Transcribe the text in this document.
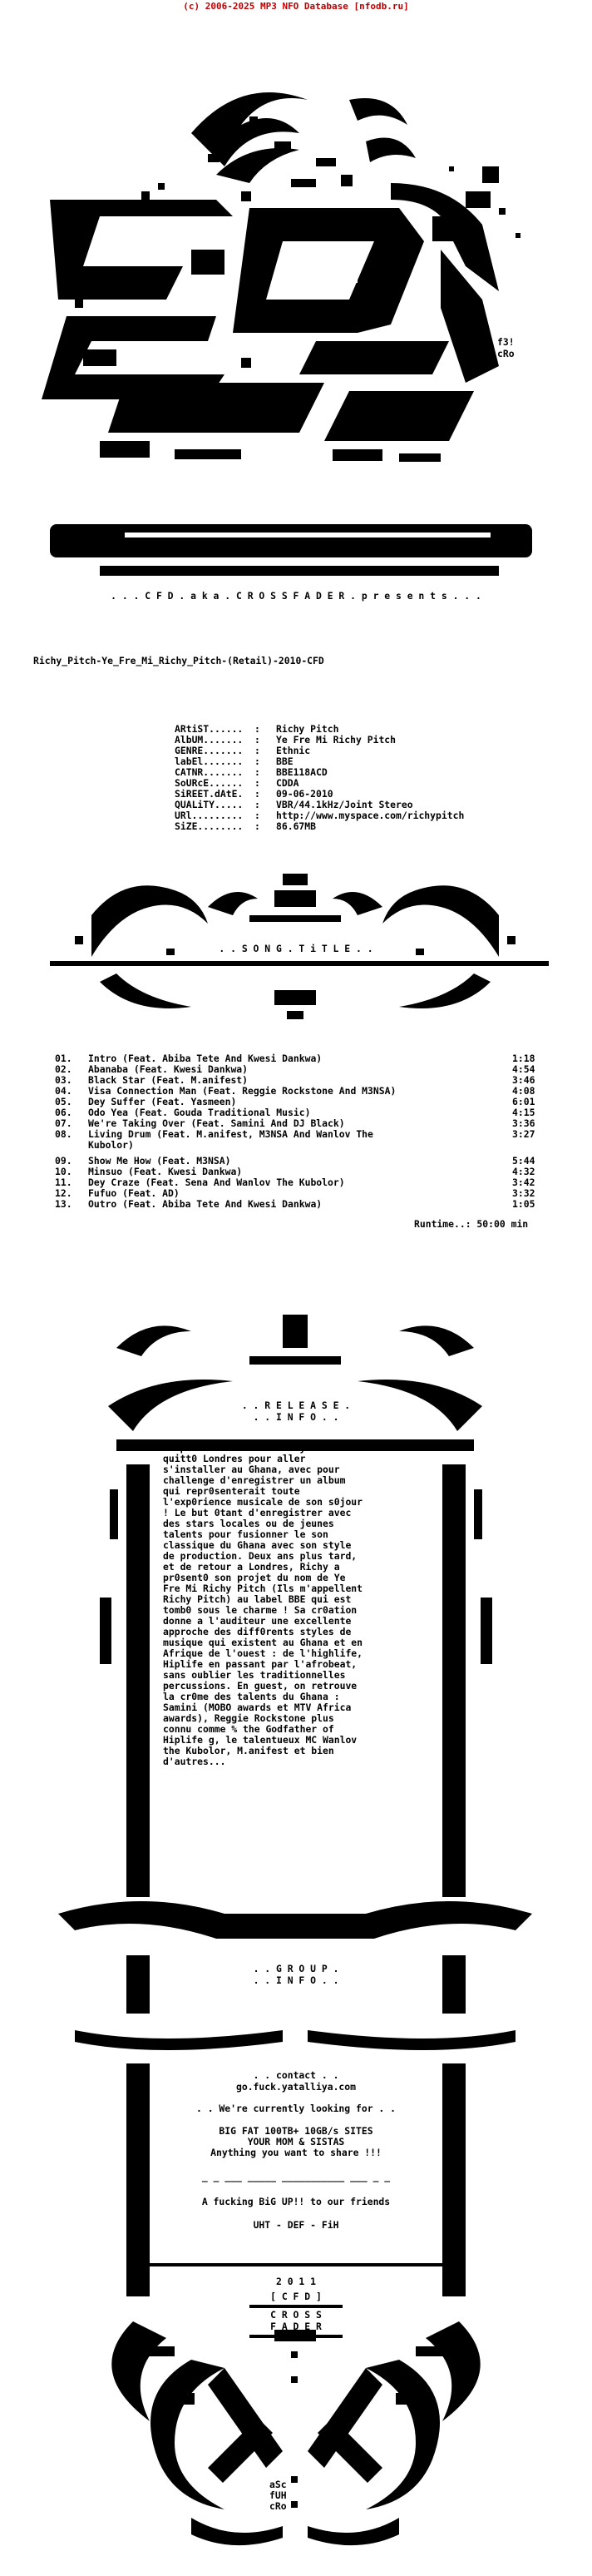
(c) 2006-2025 MP3 NFO Database [nfodb.ru]
f3!
cRo
. . . C F D . a k a . C R O S S F A D E R . p r e s e n t s . . .
Richy_Pitch-Ye_Fre_Mi_Richy_Pitch-(Retail)-2010-CFD
ARtiST...... : Richy Pitch
AlbUM....... : Ye Fre Mi Richy Pitch
GENRE....... : Ethnic
labEl....... : BBE
CATNR....... : BBE118ACD
SoURcE...... : CDDA
SiREET.dAtE. : 09-06-2010
QUALiTY..... : VBR/44.1kHz/Joint Stereo
URl......... : http://www.myspace.com/richypitch
SiZE........ : 86.67MB
. . S O N G . T i T L E . .
01. Intro (Feat. Abiba Tete And Kwesi Dankwa)	1:18
02. Abanaba (Feat. Kwesi Dankwa)	4:54
03. Black Star (Feat. M.anifest)	3:46
04. Visa Connection Man (Feat. Reggie Rockstone And M3NSA)	4:08
05. Dey Suffer (Feat. Yasmeen)	6:01
06. Odo Yea (Feat. Gouda Traditional Music)	4:15
07. We're Taking Over (Feat. Samini And DJ Black)	3:36
08. Living Drum (Feat. M.anifest, M3NSA And Wanlov The	3:27
Kubolor)
09. Show Me How (Feat. M3NSA)	5:44
10. Minsuo (Feat. Kwesi Dankwa)	4:32
11. Dey Craze (Feat. Sena And Wanlov The Kubolor)	3:42
12. Fufuo (Feat. AD)	3:32
13. Outro (Feat. Abiba Tete And Kwesi Dankwa)	1:05
Runtime..: 50:00 min
. . R E L E A S E .
. . I N F O . .
Le producteur et DJ Richy Pitch a
quitt0 Londres pour aller
s'installer au Ghana, avec pour
challenge d'enregistrer un album
qui repr0senterait toute
l'exp0rience musicale de son s0jour
! Le but 0tant d'enregistrer avec
des stars locales ou de jeunes
talents pour fusionner le son
classique du Ghana avec son style
de production. Deux ans plus tard,
et de retour a Londres, Richy a
pr0sent0 son projet du nom de Ye
Fre Mi Richy Pitch (Ils m'appellent
Richy Pitch) au label BBE qui est
tomb0 sous le charme ! Sa cr0ation
donne a l'auditeur une excellente
approche des diff0rents styles de
musique qui existent au Ghana et en
Afrique de l'ouest : de l'highlife,
Hiplife en passant par l'afrobeat,
sans oublier les traditionnelles
percussions. En guest, on retrouve
la cr0me des talents du Ghana :
Samini (MOBO awards et MTV Africa
awards), Reggie Rockstone plus
connu comme % the Godfather of
Hiplife g, le talentueux MC Wanlov
the Kubolor, M.anifest et bien
d'autres...
. . G R O U P .
. . I N F O . .
. . contact . .
go.fuck.yatalliya.com
. . We're currently looking for . .
BIG FAT 100TB+ 10GB/s SITES
YOUR MOM & SISTAS
Anything you want to share !!!
_ _ ___ _____ ___________ ___ _ _
A fucking BiG UP!! to our friends
UHT - DEF - FiH
2 0 1 1
[ C F D ]
C R O S S
F A D E R
aSc
fUH
cRo
